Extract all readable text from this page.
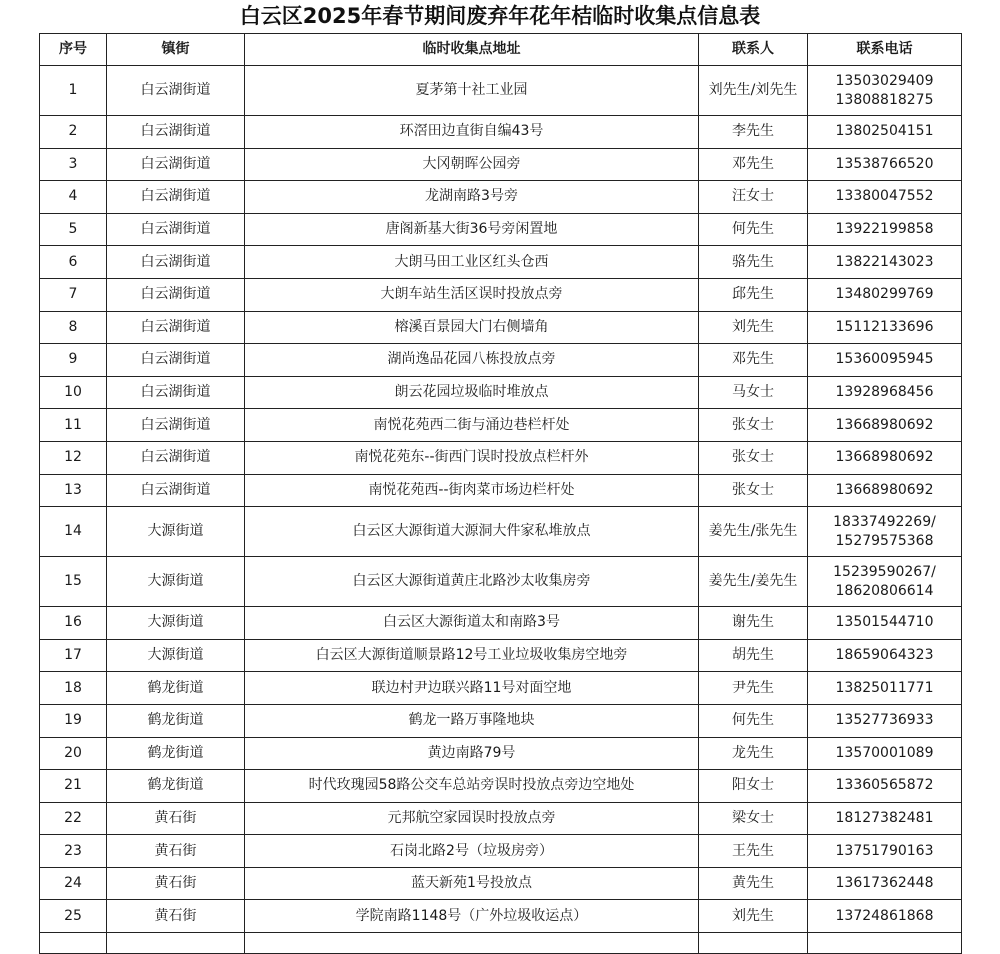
白云区2025年春节期间废弃年花年桔临时收集点信息表
序号	镇街	临时收集点地址	联系人	联系电话
1	白云湖街道	夏茅第十社工业园	刘先生/刘先生	13503029409 13808818275
2	白云湖街道	环滘田边直街自编43号	李先生	13802504151
3	白云湖街道	大冈朝晖公园旁	邓先生	13538766520
4	白云湖街道	龙湖南路3号旁	汪女士	13380047552
5	白云湖街道	唐阁新基大街36号旁闲置地	何先生	13922199858
6	白云湖街道	大朗马田工业区红头仓西	骆先生	13822143023
7	白云湖街道	大朗车站生活区误时投放点旁	邱先生	13480299769
8	白云湖街道	榕溪百景园大门右侧墙角	刘先生	15112133696
9	白云湖街道	湖尚逸品花园八栋投放点旁	邓先生	15360095945
10	白云湖街道	朗云花园垃圾临时堆放点	马女士	13928968456
11	白云湖街道	南悦花苑西二街与涌边巷栏杆处	张女士	13668980692
12	白云湖街道	南悦花苑东--街西门误时投放点栏杆外	张女士	13668980692
13	白云湖街道	南悦花苑西--街肉菜市场边栏杆处	张女士	13668980692
14	大源街道	白云区大源街道大源洞大件家私堆放点	姜先生/张先生	18337492269/ 15279575368
15	大源街道	白云区大源街道黄庄北路沙太收集房旁	姜先生/姜先生	15239590267/ 18620806614
16	大源街道	白云区大源街道太和南路3号	谢先生	13501544710
17	大源街道	白云区大源街道顺景路12号工业垃圾收集房空地旁	胡先生	18659064323
18	鹤龙街道	联边村尹边联兴路11号对面空地	尹先生	13825011771
19	鹤龙街道	鹤龙一路万事隆地块	何先生	13527736933
20	鹤龙街道	黄边南路79号	龙先生	13570001089
21	鹤龙街道	时代玫瑰园58路公交车总站旁误时投放点旁边空地处	阳女士	13360565872
22	黄石街	元邦航空家园误时投放点旁	梁女士	18127382481
23	黄石街	石岗北路2号（垃圾房旁）	王先生	13751790163
24	黄石街	蓝天新苑1号投放点	黄先生	13617362448
25	黄石街	学院南路1148号（广外垃圾收运点）	刘先生	13724861868
